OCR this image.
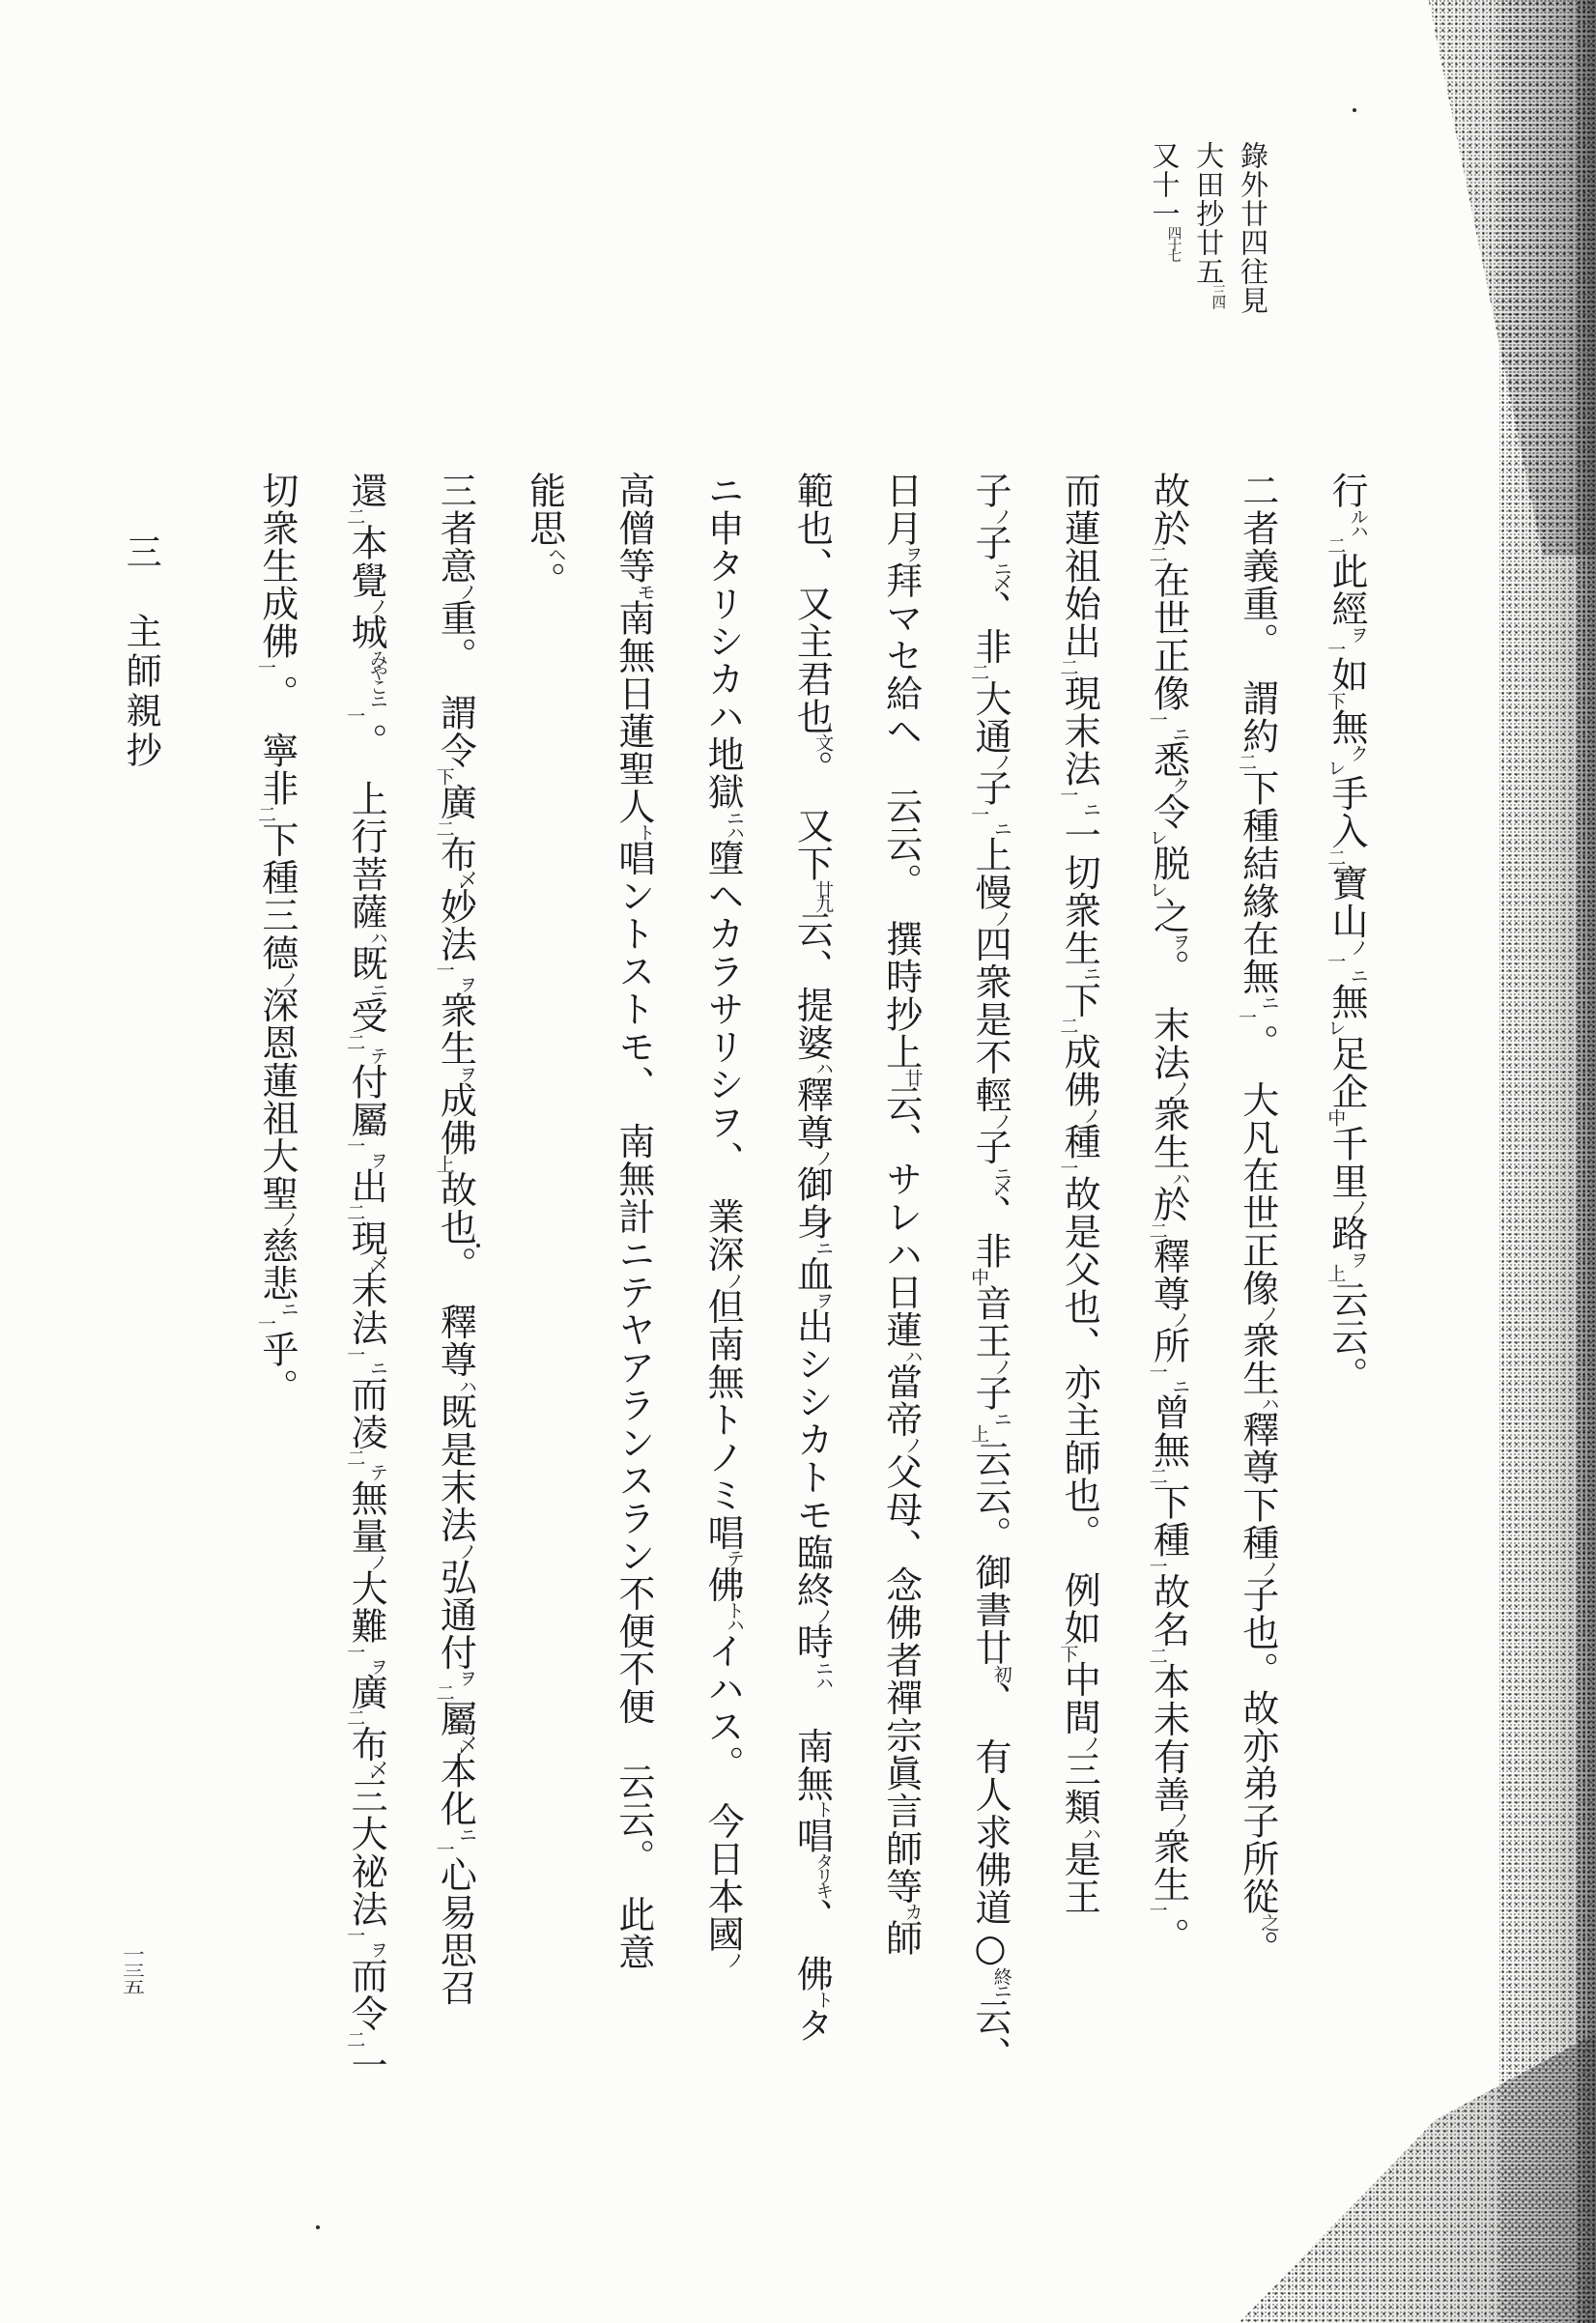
錄外廿四往見
大田抄廿五三四
又十一四十七
行ルハ二此經ヲ一如下無クレ手入二寶山ノ一ニ無レ足企中千里ノ路ヲ上云云。
二者義重。　謂約二下種結緣在無ニ一。　大凡在世正像ノ衆生ハ釋尊下種ノ子也。故亦弟子所從之。
故於二在世正像一ニ悉ク令レ脱レ之ヲ。　末法ノ衆生ハ於二釋尊ノ所一ニ曾無二下種一故名二本未有善ノ衆生一。
而蓮祖始出二現末法一ニ一切衆生ニ下二成佛ノ種一故是父也、亦主師也。　例如下中間ノ三類ハ是王
子ノ子ニ乄、非二大通ノ子一ニ上慢ノ四衆是不輕ノ子ニ乄、非中音王ノ子ニ上云云。御書廿初、　有人求佛道○終ニ云、
日月ヲ拜マセ給ヘ　云云。　撰時抄上廿云、サレハ日蓮ハ當帝ノ父母、念佛者禪宗眞言師等カ師
範也、又主君也文。　又下廿九云、提婆ハ釋尊ノ御身ニ血ヲ出シシカトモ臨終ノ時ニハ　南無ト唱タリキ、　佛トタ
ニ申タリシカハ地獄ニハ墮ヘカラサリシヲ、　業深ノ但南無トノミ唱テ佛トハイハス。　今日本國ノ
高僧等モ南無日蓮聖人ト唱ントストモ、　南無計ニテヤアランスラン不便不便　云云。　此意
能思ヘ。
三者意ノ重。　謂令下廣二布乄妙法一ヲ衆生ヲ成佛上故也。　釋尊ハ既是末法ノ弘通付ヲ二屬乄本化ニ一心易思召
還二本覺ノ城みやこニ一。　上行菩薩ハ既ニ受二テ付屬一ヲ出二現乄末法一ニ而凌二テ無量ノ大難一ヲ廣二布乄三大祕法一ヲ而令二一
切衆生成佛一。　寧非二下種三德ノ深恩蓮祖大聖ノ慈悲ニ一乎。
三　主師親抄
一三五
